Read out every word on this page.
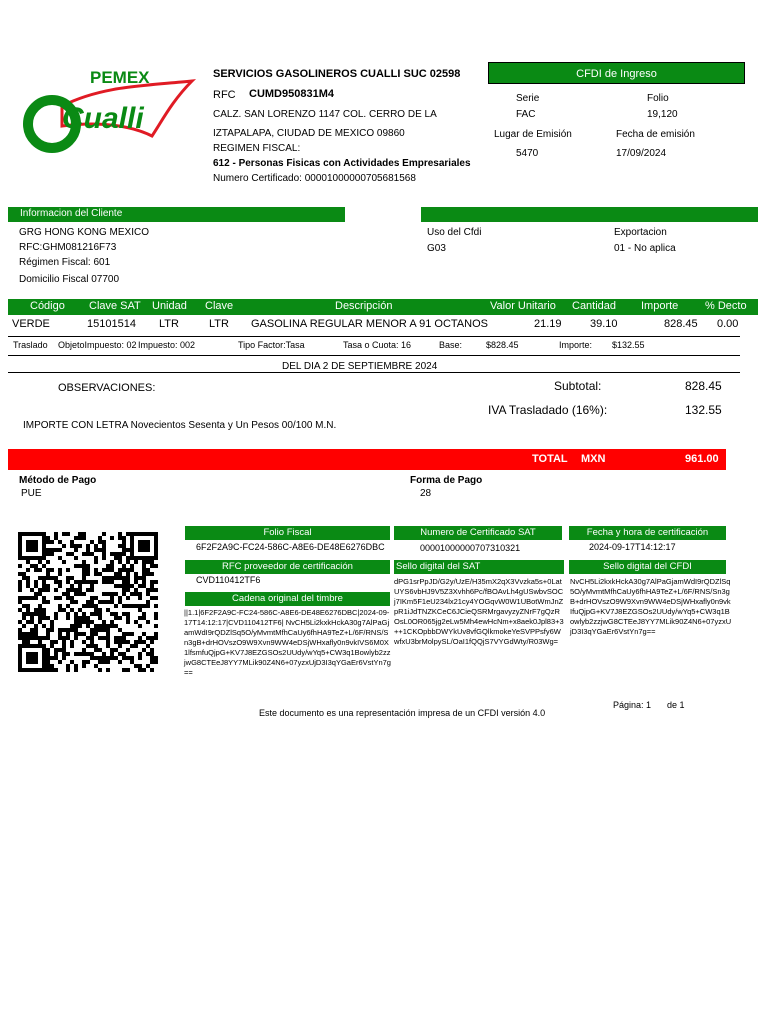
PEMEX
Cualli
SERVICIOS GASOLINEROS CUALLI SUC 02598
RFC CUMD950831M4
CALZ. SAN LORENZO 1147 COL. CERRO DE LA
IZTAPALAPA, CIUDAD DE MEXICO 09860
REGIMEN FISCAL:
612 - Personas Fisicas con Actividades Empresariales
Numero Certificado: 00001000000705681568
CFDI de Ingreso
Serie
FAC
Folio
19,120
Lugar de Emisión
5470
Fecha de emisión
17/09/2024
Informacion del Cliente
GRG HONG KONG MEXICO
RFC:GHM081216F73
Régimen Fiscal: 601
Domicilio Fiscal 07700
Uso del Cfdi
G03
Exportacion
01 - No aplica
Código Clave SAT Unidad Clave	Descripción	Valor Unitario Cantidad Importe % Decto
VERDE	15101514 LTR	LTR GASOLINA REGULAR MENOR A 91 OCTANOS	21.19	39.10	828.45 0.00
Traslado ObjetoImpuesto: 02 Impuesto: 002	Tipo Factor:Tasa	Tasa o Cuota: 16	Base:	$828.45	Importe: $132.55
DEL DIA 2 DE SEPTIEMBRE 2024
OBSERVACIONES:	Subtotal:	828.45
IVA Trasladado (16%):	132.55
IMPORTE CON LETRA Novecientos Sesenta y Un Pesos 00/100 M.N.
TOTAL MXN	961.00
Método de Pago
PUE
Forma de Pago
28
Folio Fiscal
6F2F2A9C-FC24-586C-A8E6-DE48E6276DBC
Numero de Certificado SAT
00001000000707310321
Fecha y hora de certificación
2024-09-17T14:12:17
RFC proveedor de certificación
CVD110412TF6
Sello digital del SAT
dPG1srPpJD/G2y/UzE/H35mX2qX3Vvzka5s+0LatUYS6vbHJ9V5Z3Xvhh6Pc/fBOAvLh4gUSwbvSOCj7IKm5F1eU234lx21cy4YOGqvW0W1UBotWmJnZpR1iJdTNZKCeC6JCieQSRMrgavyzyZNrF7gQzROsL0OR065jg2eLw5Mh4ewHcNm+x8aek0Jpl83+3++1CKOpbbDWYkUv8vfGQlkmokeYeSVPPsfy6WwfxU3brMolpySL/OaI1fQQjS7VYGdWty/R03Wg=
Sello digital del CFDI
NvCH5Li2kxkHckA30g7AlPaGjamWdI9rQDZlSq5O/yMvmtMfhCaUy6fhHA9TeZ+L/6F/RNS/Sn3gB+drHOVszO9W9Xvn9WW4eDSjWHxafly0n9vkIfuQjpG+KV7J8EZGSOs2UUdy/wYq5+CW3q1Bowlyb2zzjwG8CTEeJ8YY7MLik90Z4N6+07yzxUjD3I3qYGaEr6VstYn7g==
Cadena original del timbre
||1.1|6F2F2A9C-FC24-586C-A8E6-DE48E6276DBC|2024-09-17T14:12:17|CVD110412TF6| NvCH5Li2kxkHckA30g7AlPaGjamWdI9rQDZlSq5O/yMvmtMfhCaUy6fhHA9TeZ+L/6F/RNS/Sn3gB+drHOVszO9W9Xvn9WW4eDSjWHxafly0n9vkIVS6M0X1lfsmfuQjpG+KV7J8EZGSOs2UUdy/wYq5+CW3q1Bowlyb2zzjwG8CTEeJ8YY7MLik90Z4N6+07yzxUjD3I3qYGaEr6VstYn7g==
Página: 1 de 1
Este documento es una representación impresa de un CFDI versión 4.0
